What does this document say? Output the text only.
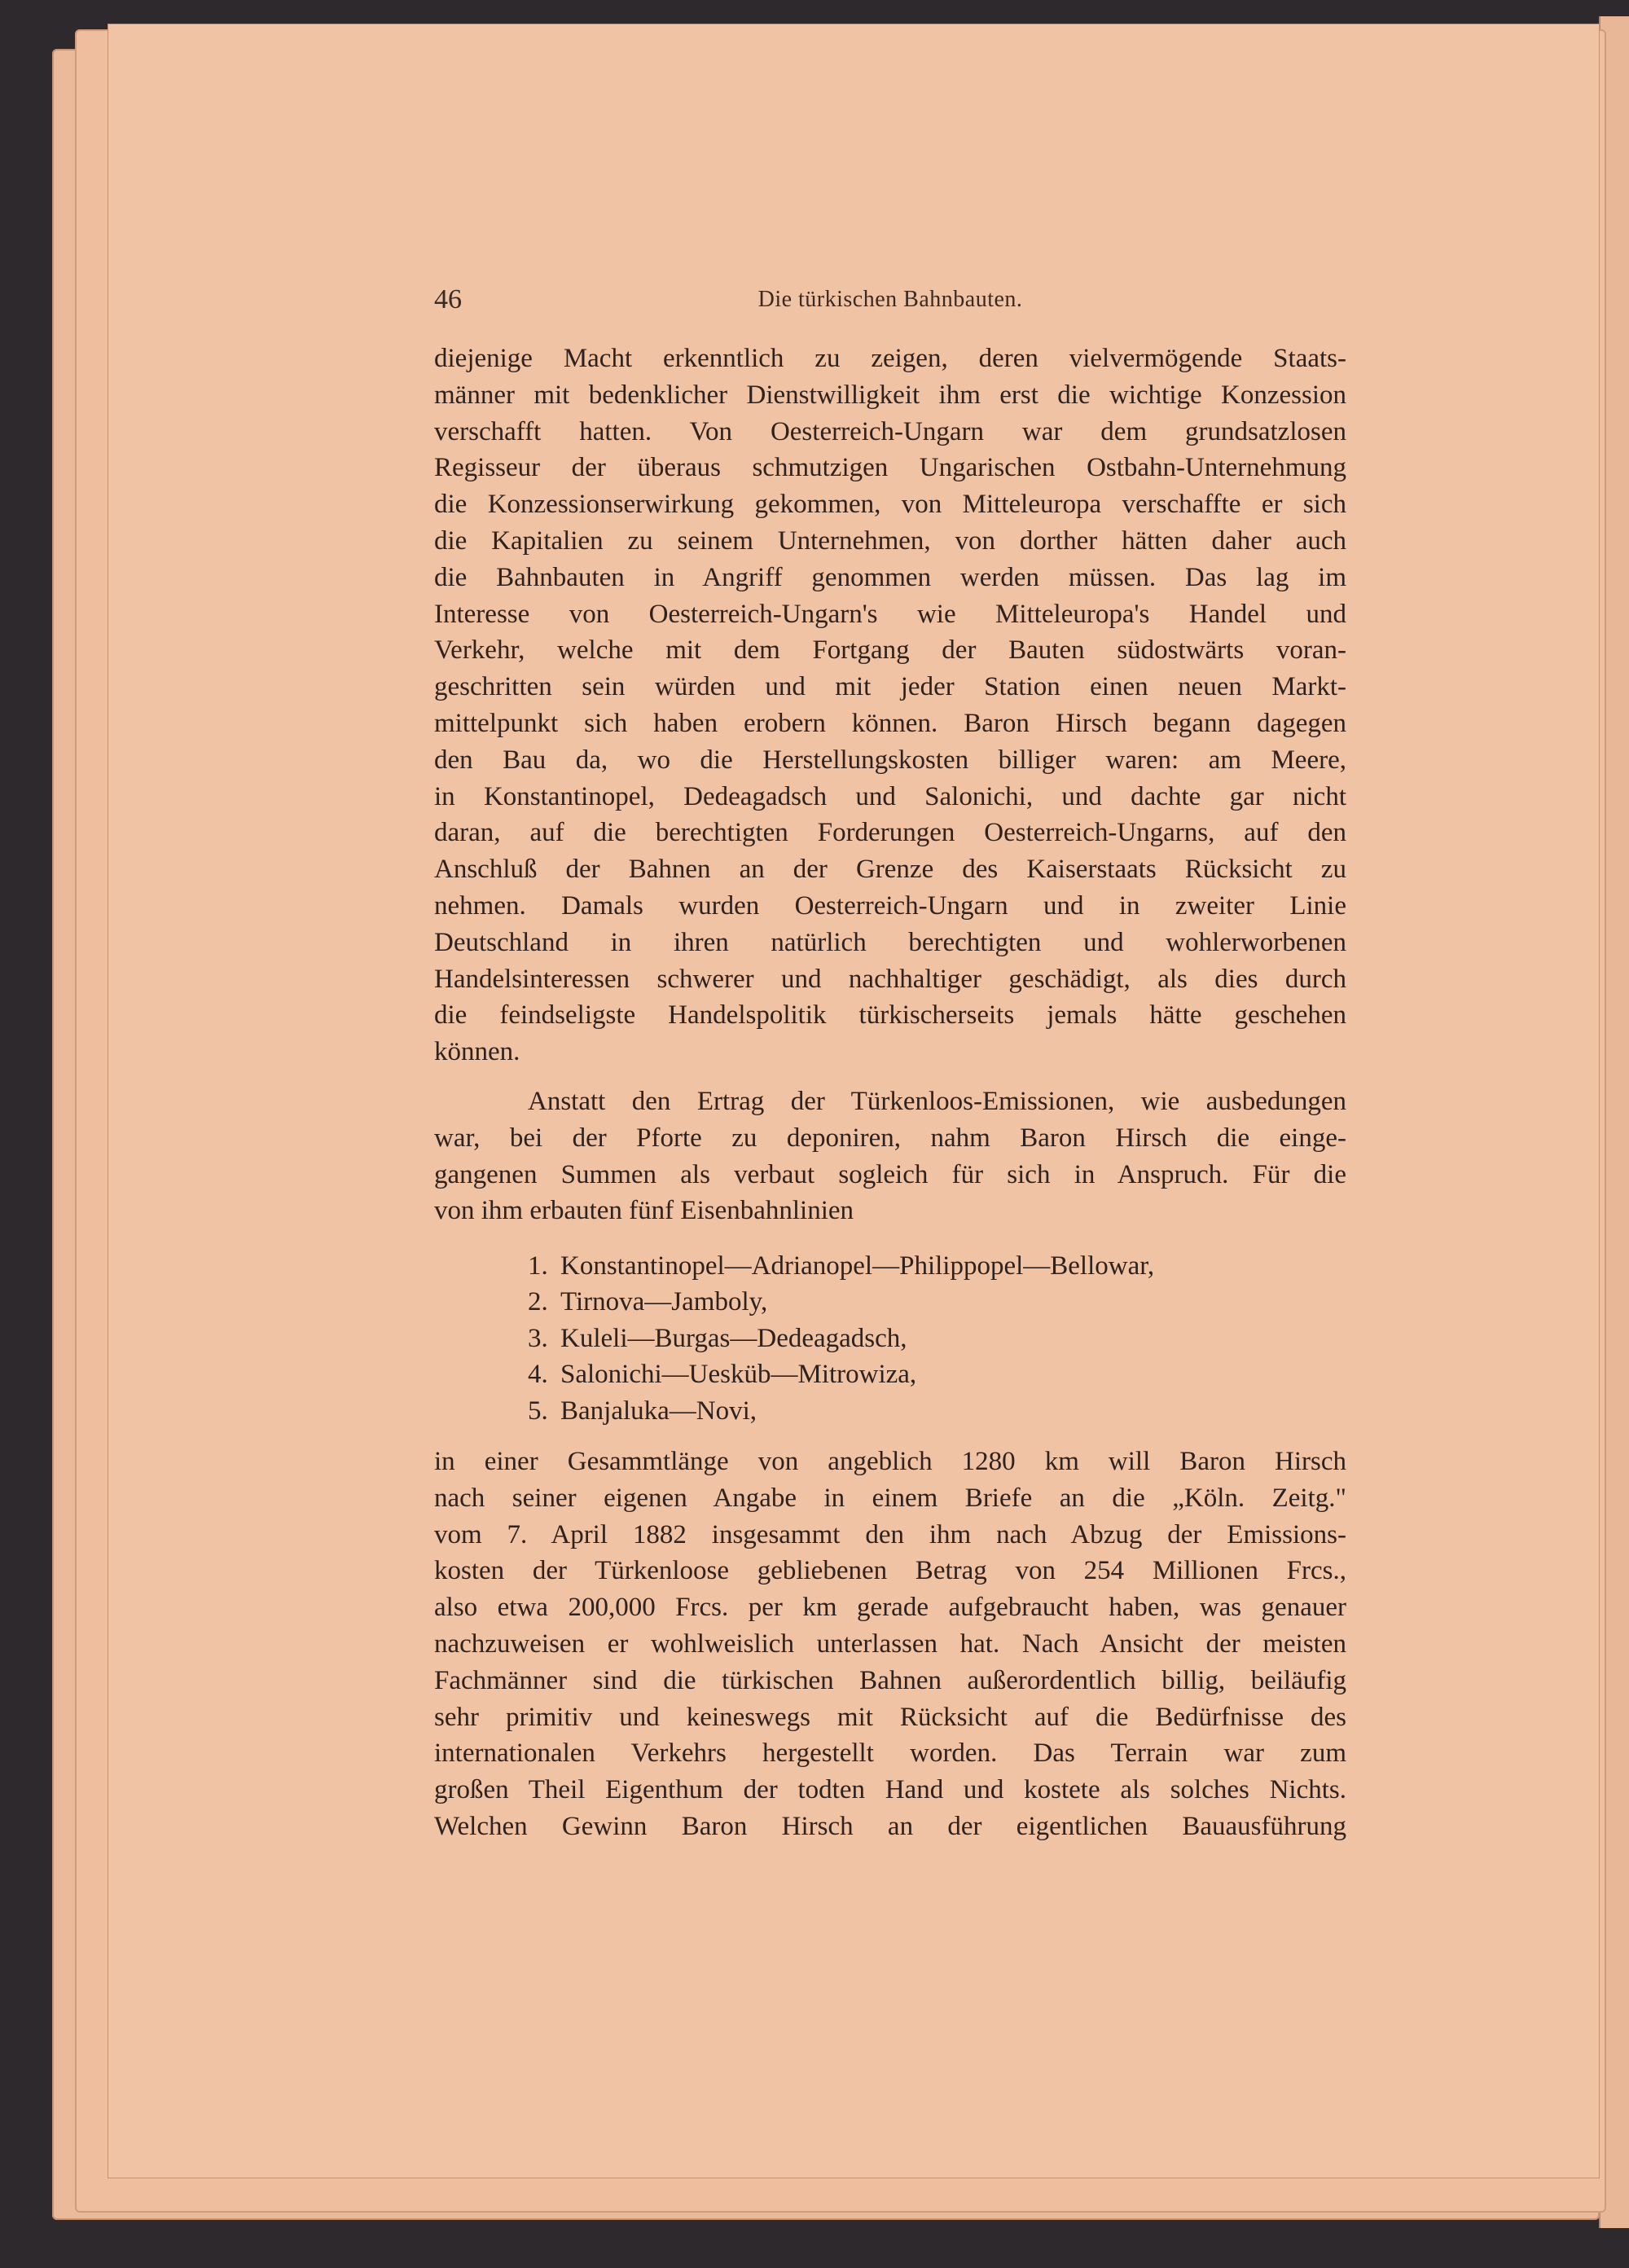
46	Die türkischen Bahnbauten.
diejenige Macht erkenntlich zu zeigen, deren vielvermögende Staats-
männer mit bedenklicher Dienstwilligkeit ihm erst die wichtige Konzession
verschafft hatten. Von Oesterreich-Ungarn war dem grundsatzlosen
Regisseur der überaus schmutzigen Ungarischen Ostbahn-Unternehmung
die Konzessionserwirkung gekommen, von Mitteleuropa verschaffte er sich
die Kapitalien zu seinem Unternehmen, von dorther hätten daher auch
die Bahnbauten in Angriff genommen werden müssen. Das lag im
Interesse von Oesterreich-Ungarn's wie Mitteleuropa's Handel und
Verkehr, welche mit dem Fortgang der Bauten südostwärts voran-
geschritten sein würden und mit jeder Station einen neuen Markt-
mittelpunkt sich haben erobern können. Baron Hirsch begann dagegen
den Bau da, wo die Herstellungskosten billiger waren: am Meere,
in Konstantinopel, Dedeagadsch und Salonichi, und dachte gar nicht
daran, auf die berechtigten Forderungen Oesterreich-Ungarns, auf den
Anschluß der Bahnen an der Grenze des Kaiserstaats Rücksicht zu
nehmen. Damals wurden Oesterreich-Ungarn und in zweiter Linie
Deutschland in ihren natürlich berechtigten und wohlerworbenen
Handelsinteressen schwerer und nachhaltiger geschädigt, als dies durch
die feindseligste Handelspolitik türkischerseits jemals hätte geschehen
können.
Anstatt den Ertrag der Türkenloos-Emissionen, wie ausbedungen
war, bei der Pforte zu deponiren, nahm Baron Hirsch die einge-
gangenen Summen als verbaut sogleich für sich in Anspruch. Für die
von ihm erbauten fünf Eisenbahnlinien
1. Konstantinopel—Adrianopel—Philippopel—Bellowar,
2. Tirnova—Jamboly,
3. Kuleli—Burgas—Dedeagadsch,
4. Salonichi—Uesküb—Mitrowiza,
5. Banjaluka—Novi,
in einer Gesammtlänge von angeblich 1280 km will Baron Hirsch
nach seiner eigenen Angabe in einem Briefe an die „Köln. Zeitg."
vom 7. April 1882 insgesammt den ihm nach Abzug der Emissions-
kosten der Türkenloose gebliebenen Betrag von 254 Millionen Frcs.,
also etwa 200,000 Frcs. per km gerade aufgebraucht haben, was genauer
nachzuweisen er wohlweislich unterlassen hat. Nach Ansicht der meisten
Fachmänner sind die türkischen Bahnen außerordentlich billig, beiläufig
sehr primitiv und keineswegs mit Rücksicht auf die Bedürfnisse des
internationalen Verkehrs hergestellt worden. Das Terrain war zum
großen Theil Eigenthum der todten Hand und kostete als solches Nichts.
Welchen Gewinn Baron Hirsch an der eigentlichen Bauausführung
